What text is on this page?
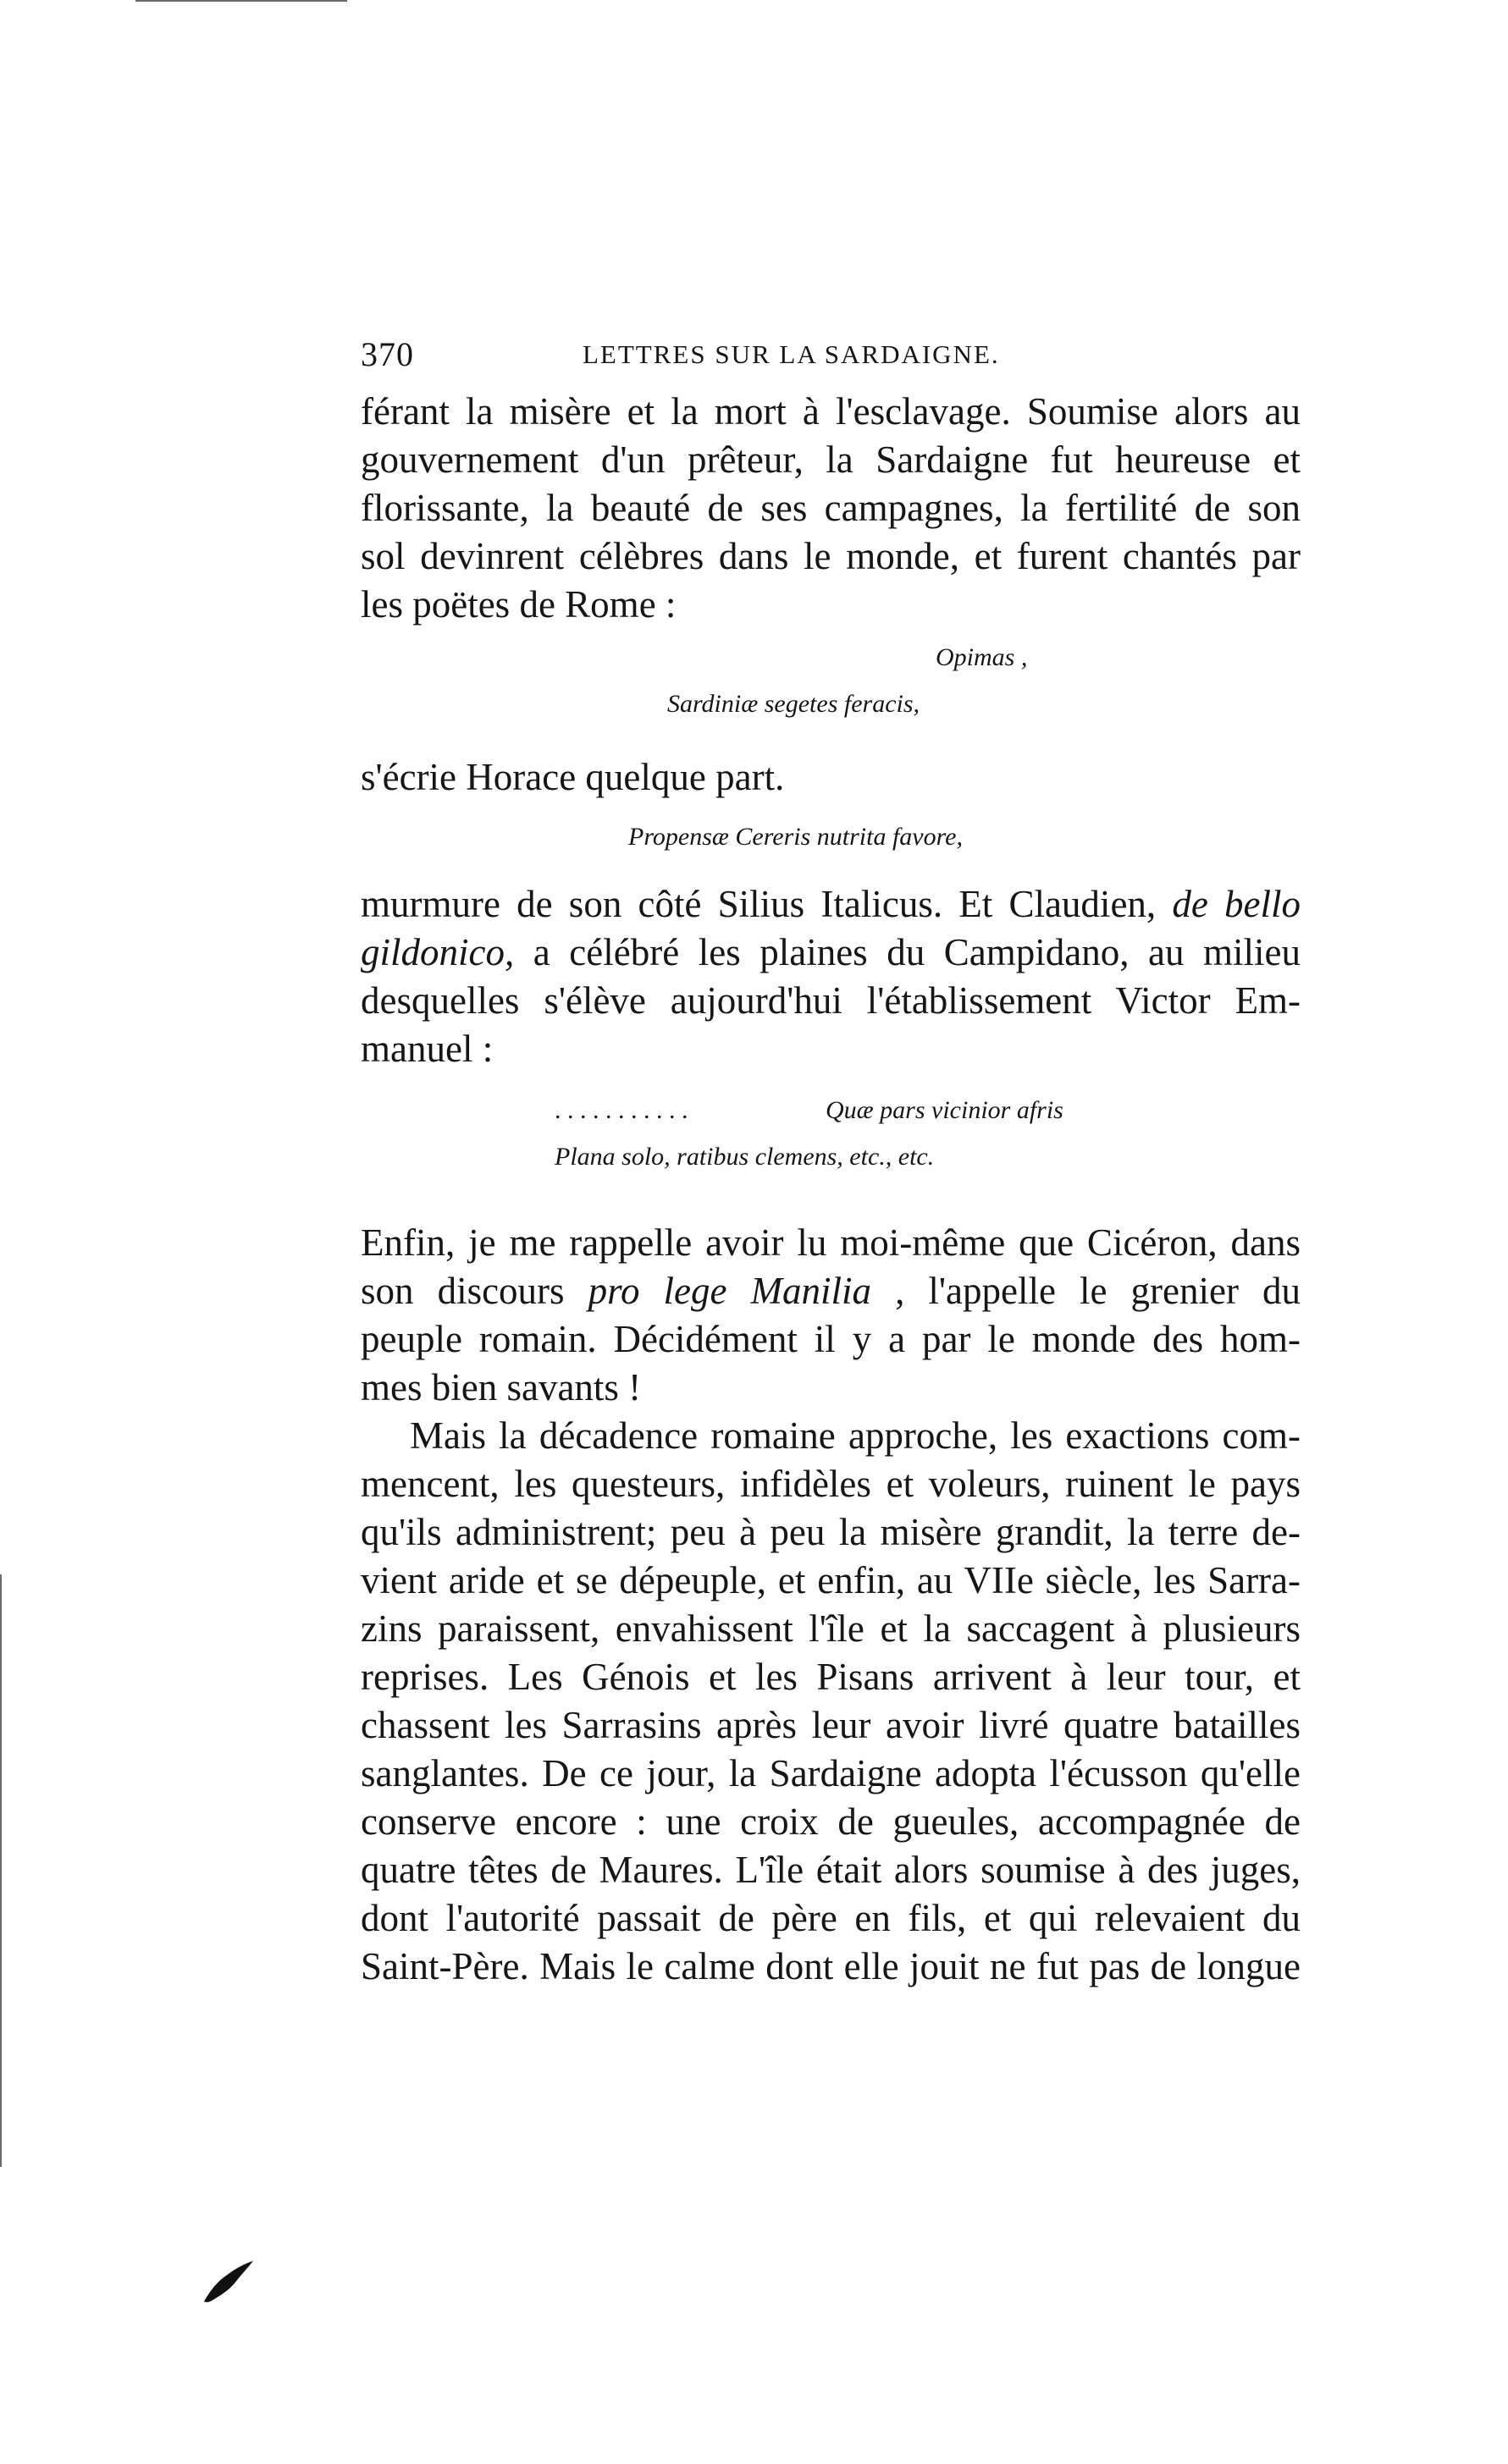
370	LETTRES SUR LA SARDAIGNE.
férant la misère et la mort à l'esclavage. Soumise alors au
gouvernement d'un prêteur, la Sardaigne fut heureuse et
florissante, la beauté de ses campagnes, la fertilité de son
sol devinrent célèbres dans le monde, et furent chantés par
les poëtes de Rome :
Opimas ,
Sardiniæ segetes feracis,
s'écrie Horace quelque part.
Propensæ Cereris nutrita favore,
murmure de son côté Silius Italicus. Et Claudien, de bello
gildonico, a célébré les plaines du Campidano, au milieu
desquelles s'élève aujourd'hui l'établissement Victor Em-
manuel :
. . . . . . . . . . .	Quæ pars vicinior afris
Plana solo, ratibus clemens, etc., etc.
Enfin, je me rappelle avoir lu moi-même que Cicéron, dans
son discours pro lege Manilia , l'appelle le grenier du
peuple romain. Décidément il y a par le monde des hom-
mes bien savants !
Mais la décadence romaine approche, les exactions com-
mencent, les questeurs, infidèles et voleurs, ruinent le pays
qu'ils administrent; peu à peu la misère grandit, la terre de-
vient aride et se dépeuple, et enfin, au VIIe siècle, les Sarra-
zins paraissent, envahissent l'île et la saccagent à plusieurs
reprises. Les Génois et les Pisans arrivent à leur tour, et
chassent les Sarrasins après leur avoir livré quatre batailles
sanglantes. De ce jour, la Sardaigne adopta l'écusson qu'elle
conserve encore : une croix de gueules, accompagnée de
quatre têtes de Maures. L'île était alors soumise à des juges,
dont l'autorité passait de père en fils, et qui relevaient du
Saint-Père. Mais le calme dont elle jouit ne fut pas de longue
